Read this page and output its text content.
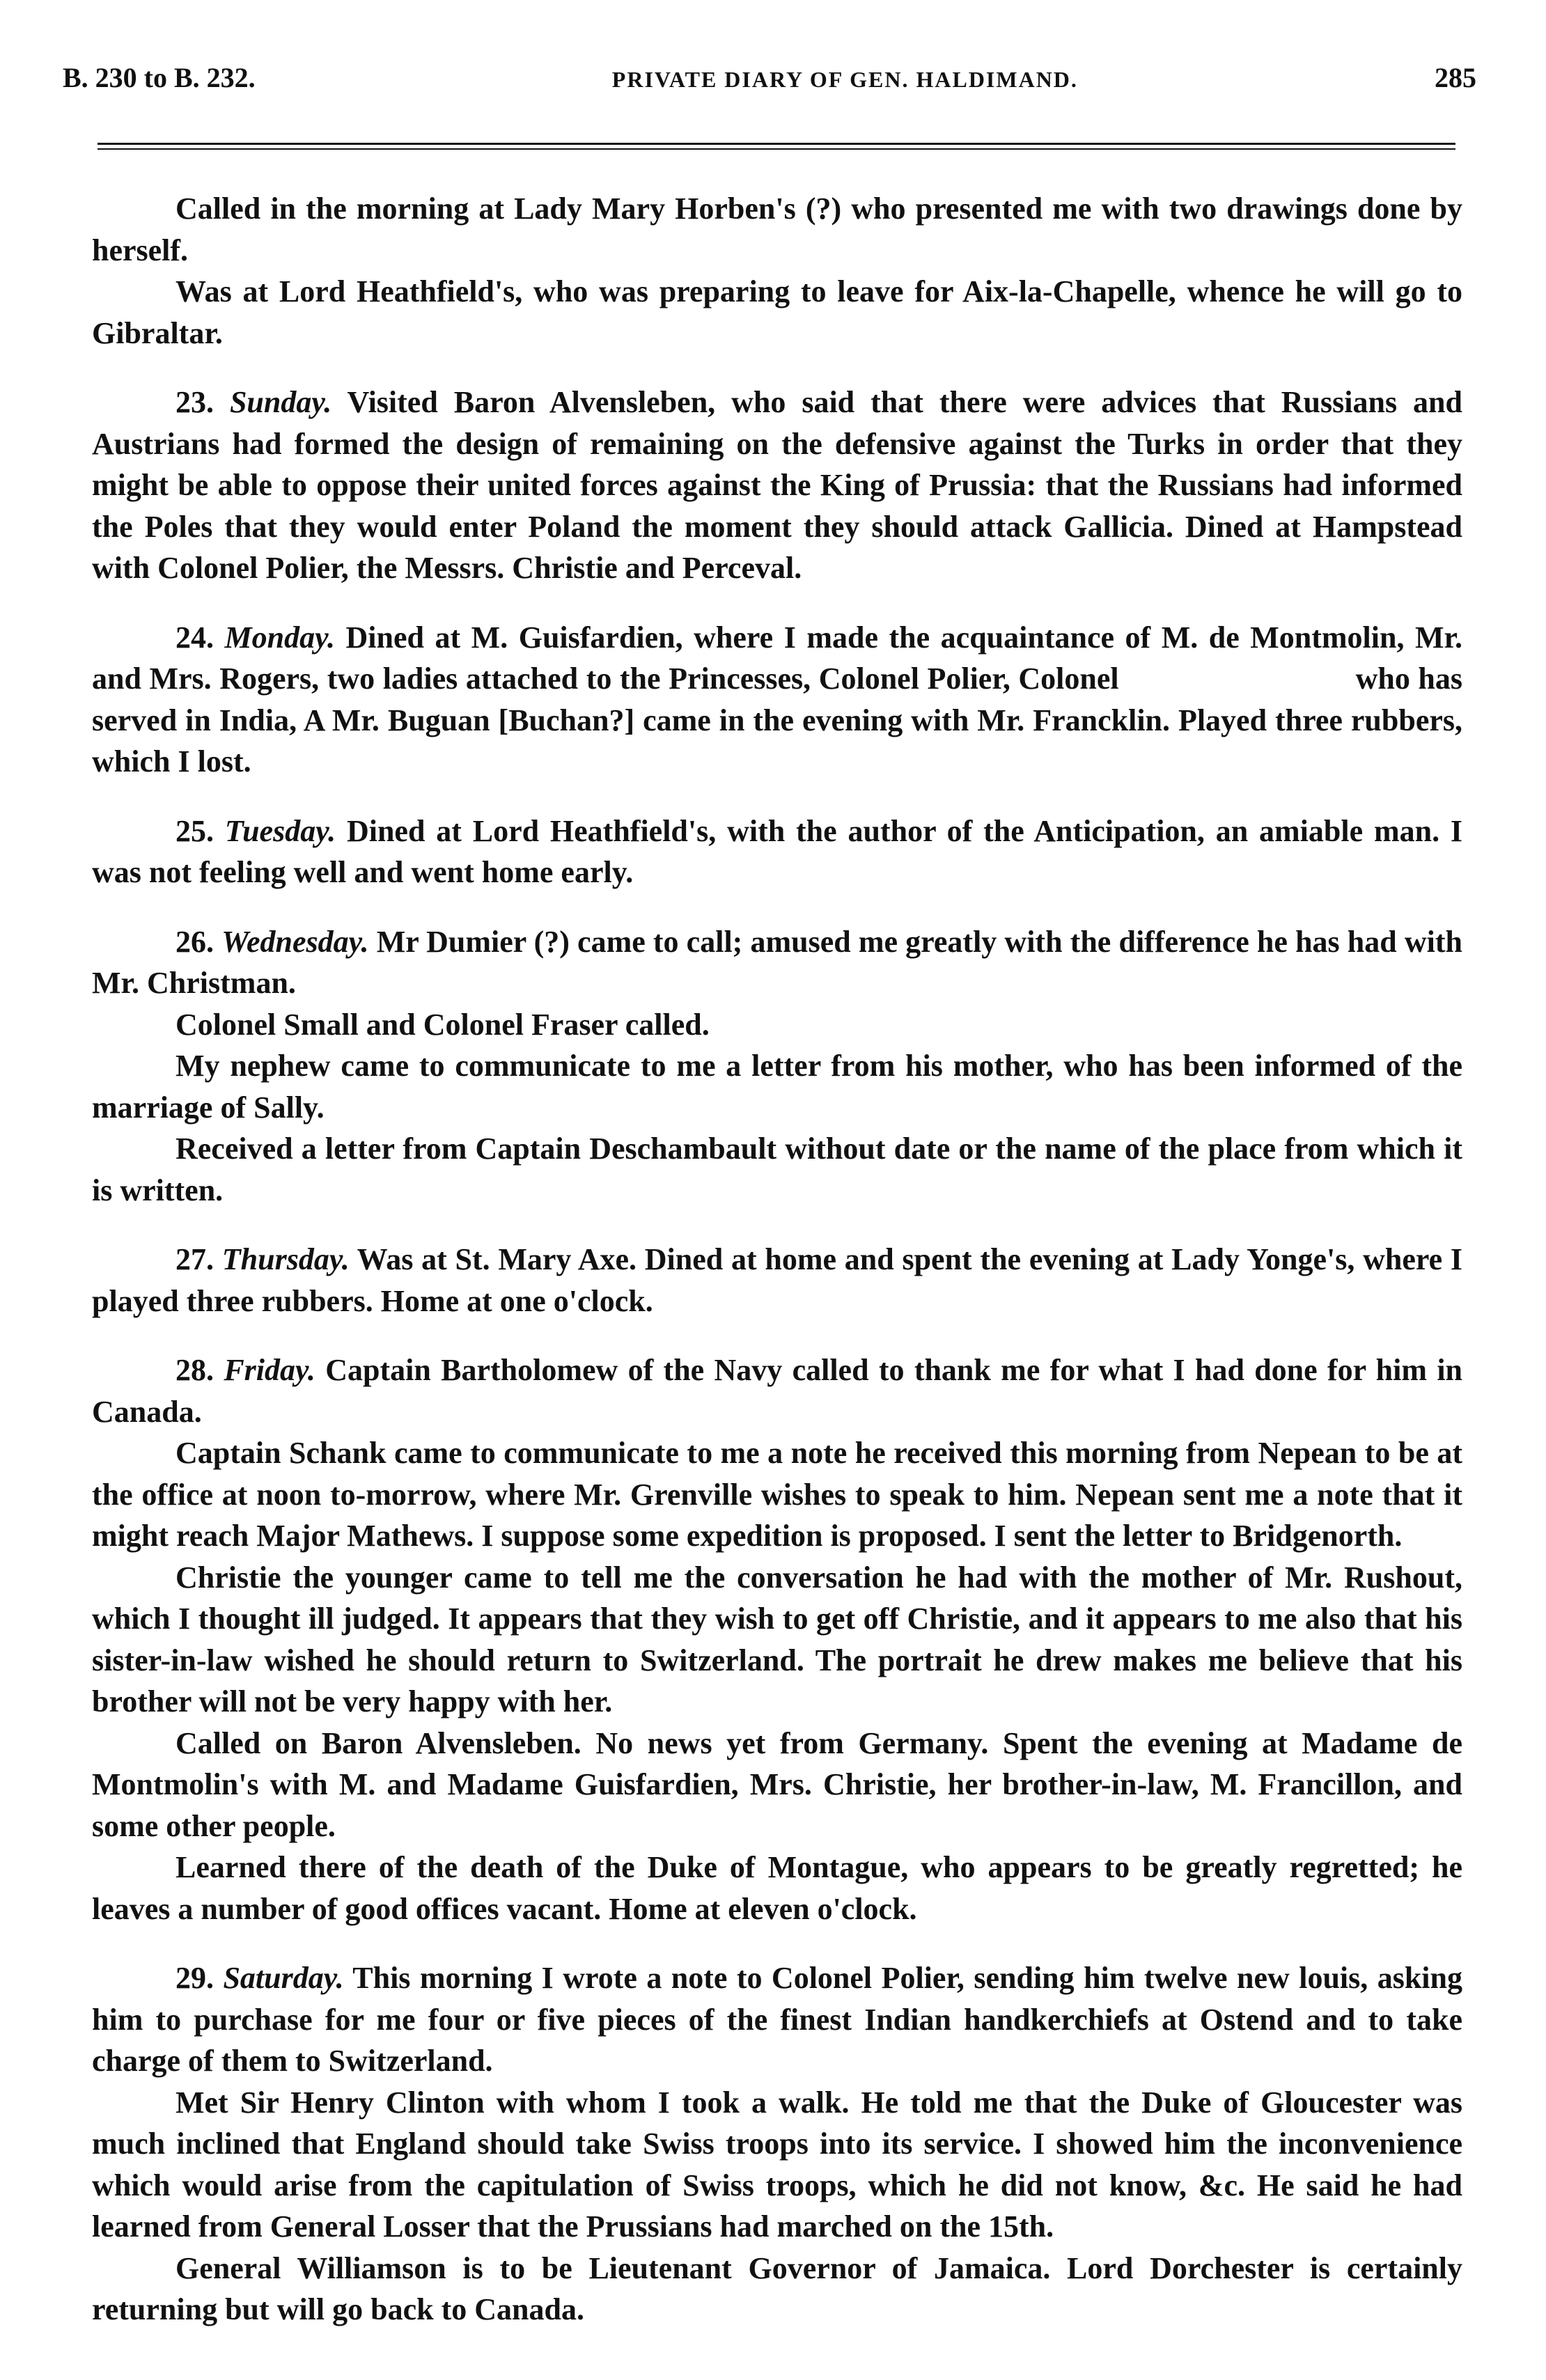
B. 230 to B. 232.	PRIVATE DIARY OF GEN. HALDIMAND.	285

Called in the morning at Lady Mary Horben's (?) who presented me with two drawings done by herself.

Was at Lord Heathfield's, who was preparing to leave for Aix-la-Chapelle, whence he will go to Gibraltar.

23. Sunday. Visited Baron Alvensleben, who said that there were advices that Russians and Austrians had formed the design of remaining on the defensive against the Turks in order that they might be able to oppose their united forces against the King of Prussia: that the Russians had informed the Poles that they would enter Poland the moment they should attack Gallicia. Dined at Hampstead with Colonel Polier, the Messrs. Christie and Perceval.

24. Monday. Dined at M. Guisfardien, where I made the acquaintance of M. de Montmolin, Mr. and Mrs. Rogers, two ladies attached to the Princesses, Colonel Polier, Colonel	who has served in India, A Mr. Buguan [Buchan?] came in the evening with Mr. Francklin. Played three rubbers, which I lost.

25. Tuesday. Dined at Lord Heathfield's, with the author of the Anticipation, an amiable man. I was not feeling well and went home early.

26. Wednesday. Mr Dumier (?) came to call; amused me greatly with the difference he has had with Mr. Christman.

Colonel Small and Colonel Fraser called.

My nephew came to communicate to me a letter from his mother, who has been informed of the marriage of Sally.

Received a letter from Captain Deschambault without date or the name of the place from which it is written.

27. Thursday. Was at St. Mary Axe. Dined at home and spent the evening at Lady Yonge's, where I played three rubbers. Home at one o'clock.

28. Friday. Captain Bartholomew of the Navy called to thank me for what I had done for him in Canada.

Captain Schank came to communicate to me a note he received this morning from Nepean to be at the office at noon to-morrow, where Mr. Grenville wishes to speak to him. Nepean sent me a note that it might reach Major Mathews. I suppose some expedition is proposed. I sent the letter to Bridgenorth.

Christie the younger came to tell me the conversation he had with the mother of Mr. Rushout, which I thought ill judged. It appears that they wish to get off Christie, and it appears to me also that his sister-in-law wished he should return to Switzerland. The portrait he drew makes me believe that his brother will not be very happy with her.

Called on Baron Alvensleben. No news yet from Germany. Spent the evening at Madame de Montmolin's with M. and Madame Guisfardien, Mrs. Christie, her brother-in-law, M. Francillon, and some other people.

Learned there of the death of the Duke of Montague, who appears to be greatly regretted; he leaves a number of good offices vacant. Home at eleven o'clock.

29. Saturday. This morning I wrote a note to Colonel Polier, sending him twelve new louis, asking him to purchase for me four or five pieces of the finest Indian handkerchiefs at Ostend and to take charge of them to Switzerland.

Met Sir Henry Clinton with whom I took a walk. He told me that the Duke of Gloucester was much inclined that England should take Swiss troops into its service. I showed him the inconvenience which would arise from the capitulation of Swiss troops, which he did not know, &c. He said he had learned from General Losser that the Prussians had marched on the 15th.

General Williamson is to be Lieutenant Governor of Jamaica. Lord Dorchester is certainly returning but will go back to Canada.
